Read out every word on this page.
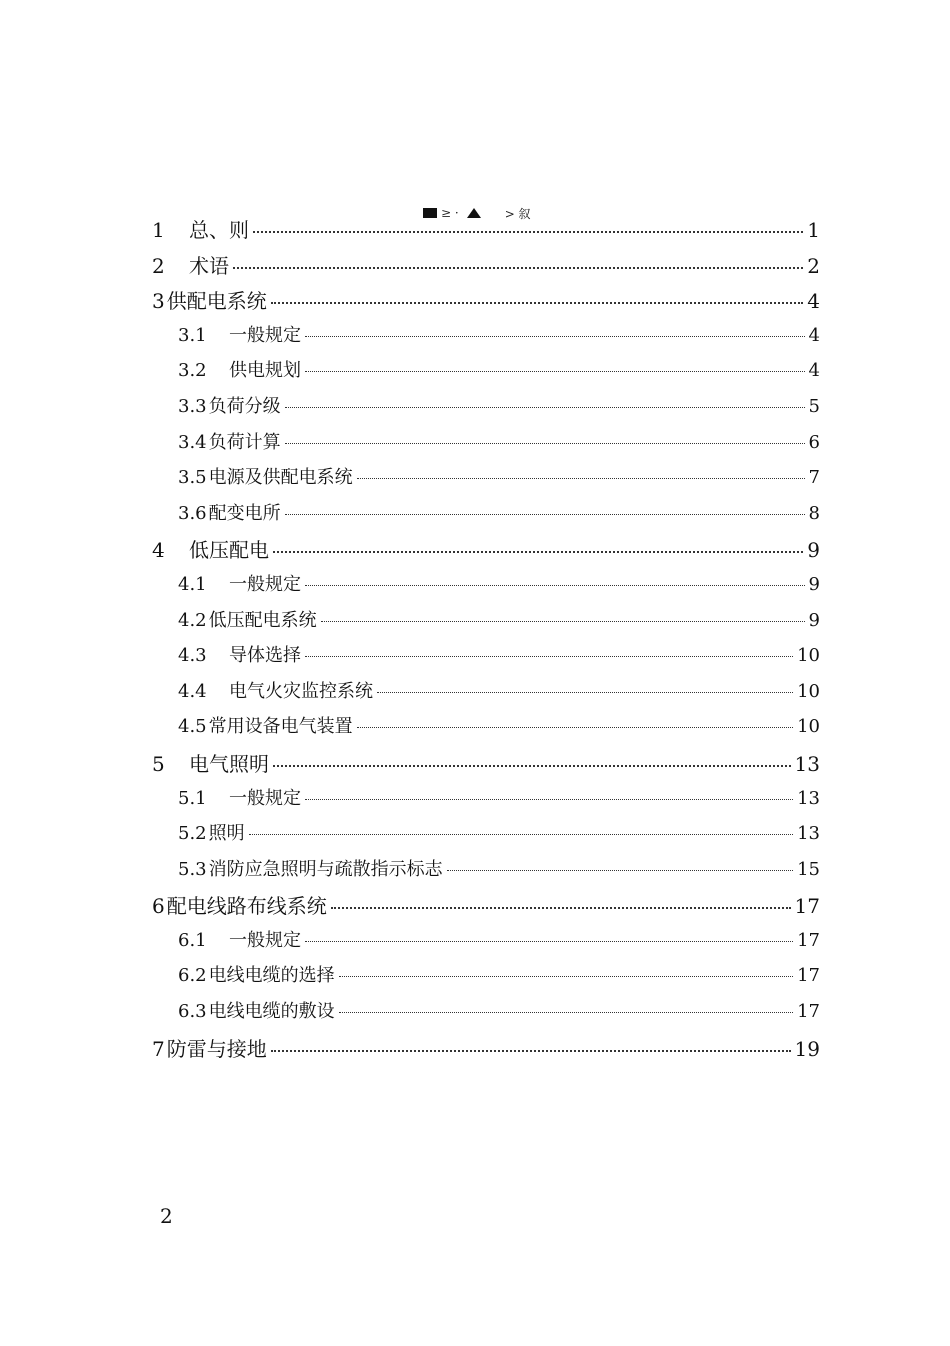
≥ ·	> 叙
1	总、则	1
2	术语	2
3 供配电系统	4
3.1	一般规定	4
3.2	供电规划	4
3.3 负荷分级	5
3.4 负荷计算	6
3.5 电源及供配电系统	7
3.6 配变电所	8
4	低压配电	9
4.1	一般规定	9
4.2 低压配电系统	9
4.3	导体选择	10
4.4	电气火灾监控系统	10
4.5 常用设备电气装置	10
5	电气照明	13
5.1	一般规定	13
5.2 照明	13
5.3 消防应急照明与疏散指示标志	15
6 配电线路布线系统	17
6.1	一般规定	17
6.2 电线电缆的选择	17
6.3 电线电缆的敷设	17
7 防雷与接地	19
2
